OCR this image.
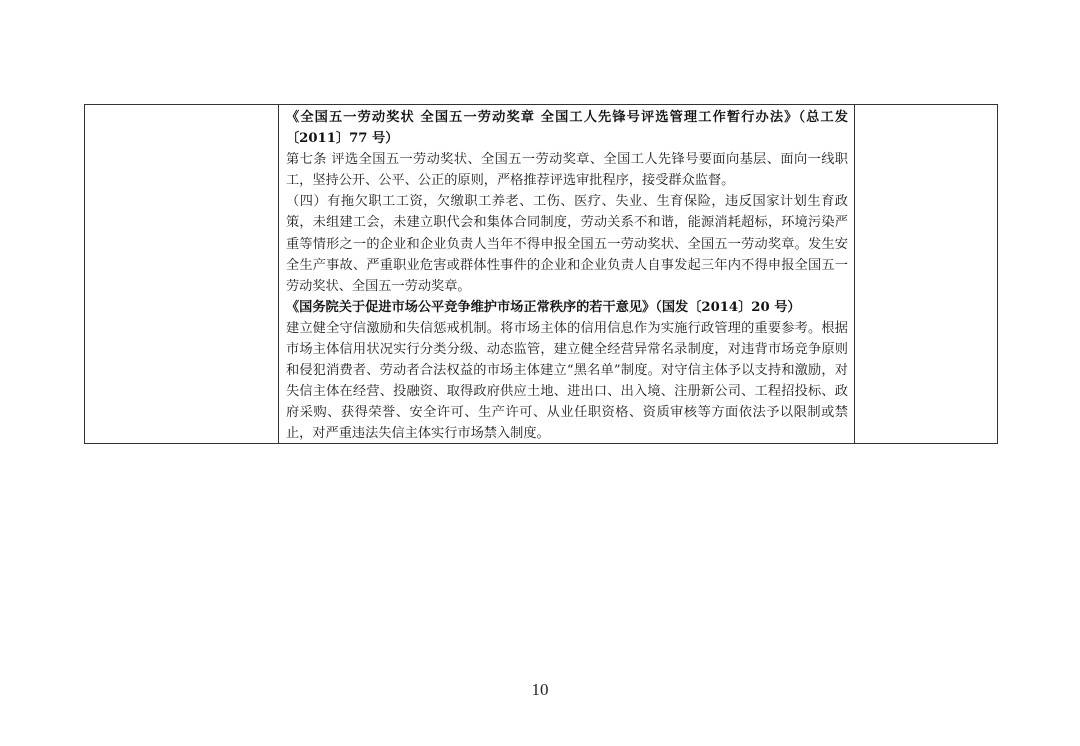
《全国五一劳动奖状 全国五一劳动奖章 全国工人先锋号评选管理工作暂行办法》（总工发〔2011〕77 号）

第七条 评选全国五一劳动奖状、全国五一劳动奖章、全国工人先锋号要面向基层、面向一线职工，坚持公开、公平、公正的原则，严格推荐评选审批程序，接受群众监督。

（四）有拖欠职工工资，欠缴职工养老、工伤、医疗、失业、生育保险，违反国家计划生育政策，未组建工会，未建立职代会和集体合同制度，劳动关系不和谐，能源消耗超标，环境污染严重等情形之一的企业和企业负责人当年不得申报全国五一劳动奖状、全国五一劳动奖章。发生安全生产事故、严重职业危害或群体性事件的企业和企业负责人自事发起三年内不得申报全国五一劳动奖状、全国五一劳动奖章。

《国务院关于促进市场公平竞争维护市场正常秩序的若干意见》（国发〔2014〕20 号）

建立健全守信激励和失信惩戒机制。将市场主体的信用信息作为实施行政管理的重要参考。根据市场主体信用状况实行分类分级、动态监管，建立健全经营异常名录制度，对违背市场竞争原则和侵犯消费者、劳动者合法权益的市场主体建立“黑名单”制度。对守信主体予以支持和激励，对失信主体在经营、投融资、取得政府供应土地、进出口、出入境、注册新公司、工程招投标、政府采购、获得荣誉、安全许可、生产许可、从业任职资格、资质审核等方面依法予以限制或禁止，对严重违法失信主体实行市场禁入制度。

10
